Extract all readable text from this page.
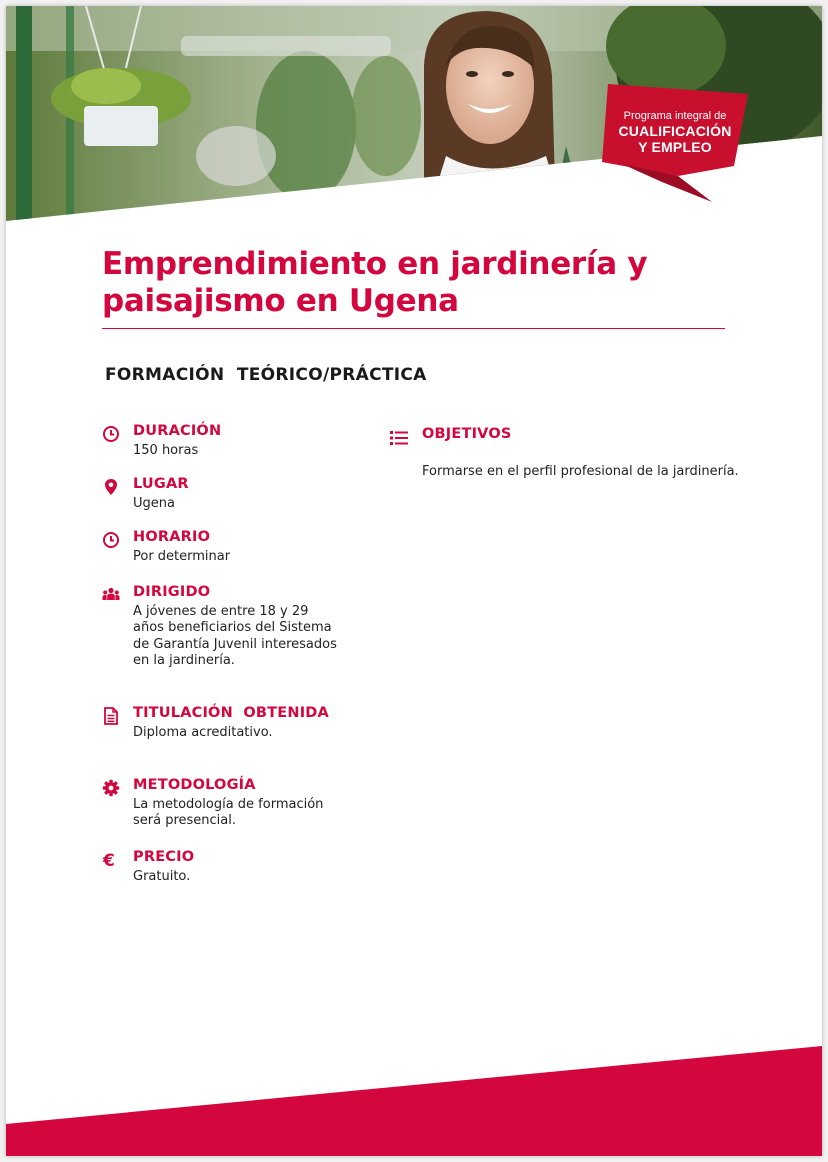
Programa integral de
CUALIFICACIÓN
Y EMPLEO
Emprendimiento en jardinería y paisajismo en Ugena
FORMACIÓN  TEÓRICO/PRÁCTICA
DURACIÓN
150 horas
LUGAR
Ugena
HORARIO
Por determinar
DIRIGIDO
A jóvenes de entre 18 y 29 años beneficiarios del Sistema de Garantía Juvenil interesados en la jardinería.
TITULACIÓN  OBTENIDA
Diploma acreditativo.
METODOLOGÍA
La metodología de formación será presencial.
€ PRECIO
Gratuito.
OBJETIVOS
Formarse en el perfil profesional de la jardinería.
